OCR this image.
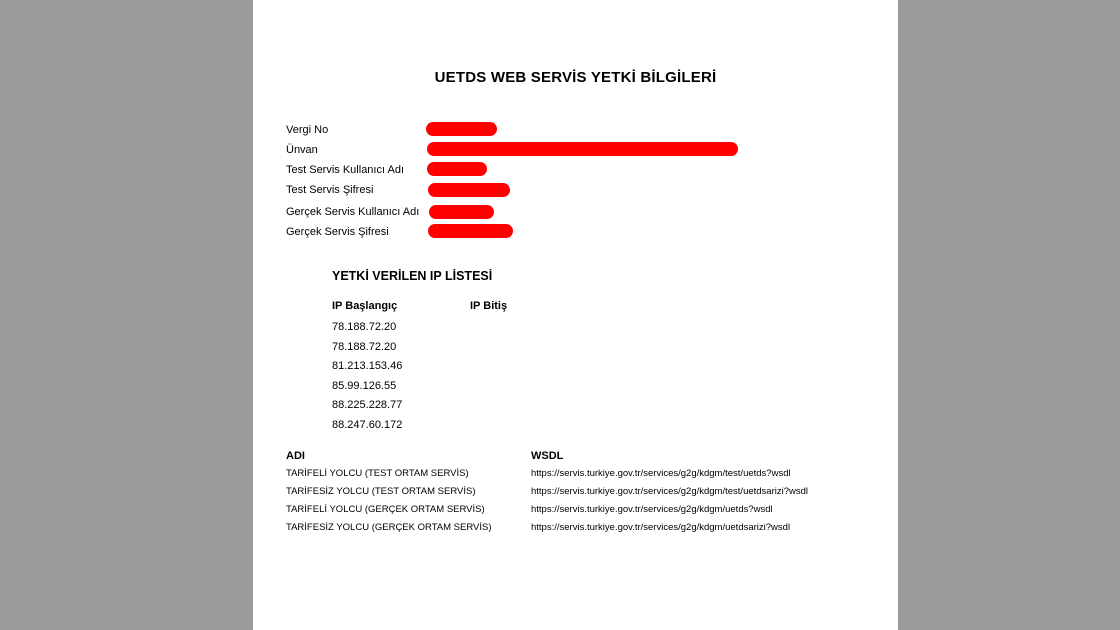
UETDS WEB SERVİS YETKİ BİLGİLERİ
Vergi No
Ünvan
Test Servis Kullanıcı Adı
Test Servis Şifresi
Gerçek Servis Kullanıcı Adı
Gerçek Servis Şifresi
YETKİ VERİLEN IP LİSTESİ
IP Başlangıç	IP Bitiş
78.188.72.20
78.188.72.20
81.213.153.46
85.99.126.55
88.225.228.77
88.247.60.172
ADI	WSDL
TARİFELİ YOLCU (TEST ORTAM SERVİS)	https://servis.turkiye.gov.tr/services/g2g/kdgm/test/uetds?wsdl
TARİFESİZ YOLCU (TEST ORTAM SERVİS)	https://servis.turkiye.gov.tr/services/g2g/kdgm/test/uetdsarizi?wsdl
TARİFELİ YOLCU (GERÇEK ORTAM SERVİS)	https://servis.turkiye.gov.tr/services/g2g/kdgm/uetds?wsdl
TARİFESİZ YOLCU (GERÇEK ORTAM SERVİS)	https://servis.turkiye.gov.tr/services/g2g/kdgm/uetdsarizi?wsdl
